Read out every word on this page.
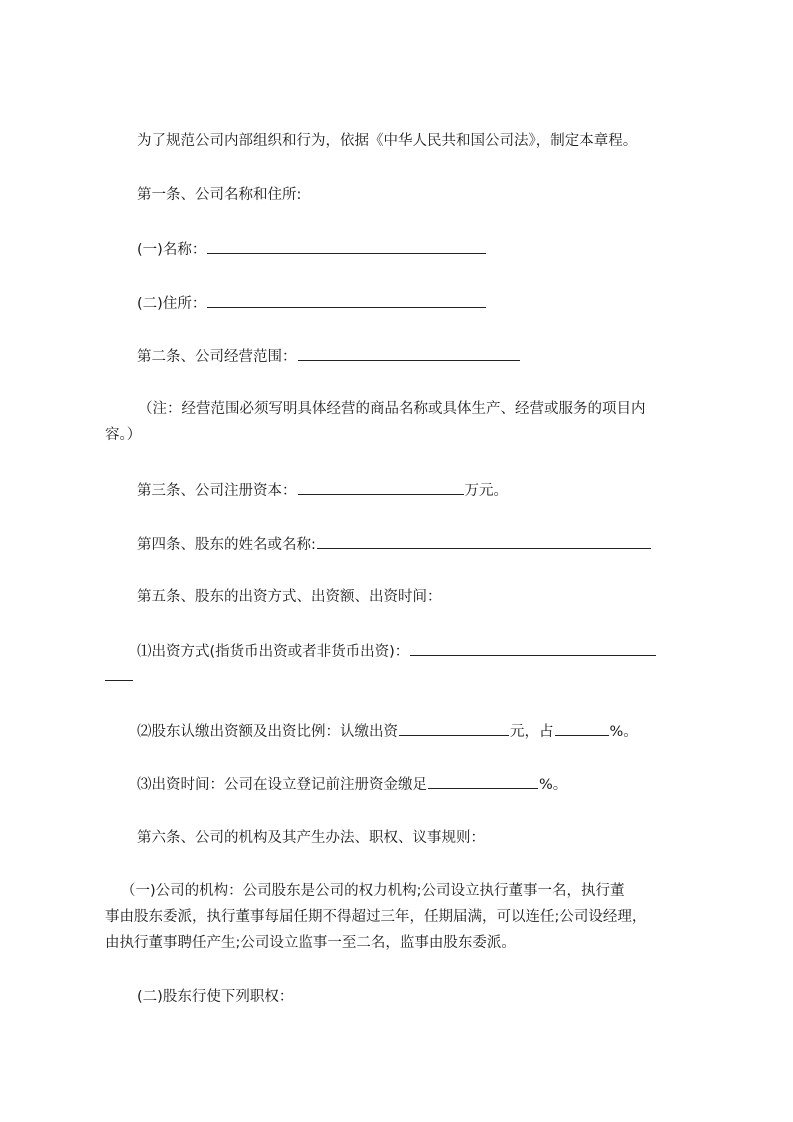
为了规范公司内部组织和行为，依据《中华人民共和国公司法》，制定本章程。
第一条、公司名称和住所:
(一)名称：
(二)住所：
第二条、公司经营范围：
（注：经营范围必须写明具体经营的商品名称或具体生产、经营或服务的项目内
容。）
第三条、公司注册资本：	万元。
第四条、股东的姓名或名称:
第五条、股东的出资方式、出资额、出资时间：
⑴出资方式(指货币出资或者非货币出资)：
⑵股东认缴出资额及出资比例：认缴出资	元，占	%。
⑶出资时间：公司在设立登记前注册资金缴足	%。
第六条、公司的机构及其产生办法、职权、议事规则：
（一)公司的机构：公司股东是公司的权力机构;公司设立执行董事一名，执行董
事由股东委派，执行董事每届任期不得超过三年，任期届满，可以连任;公司设经理，
由执行董事聘任产生;公司设立监事一至二名，监事由股东委派。
(二)股东行使下列职权：
